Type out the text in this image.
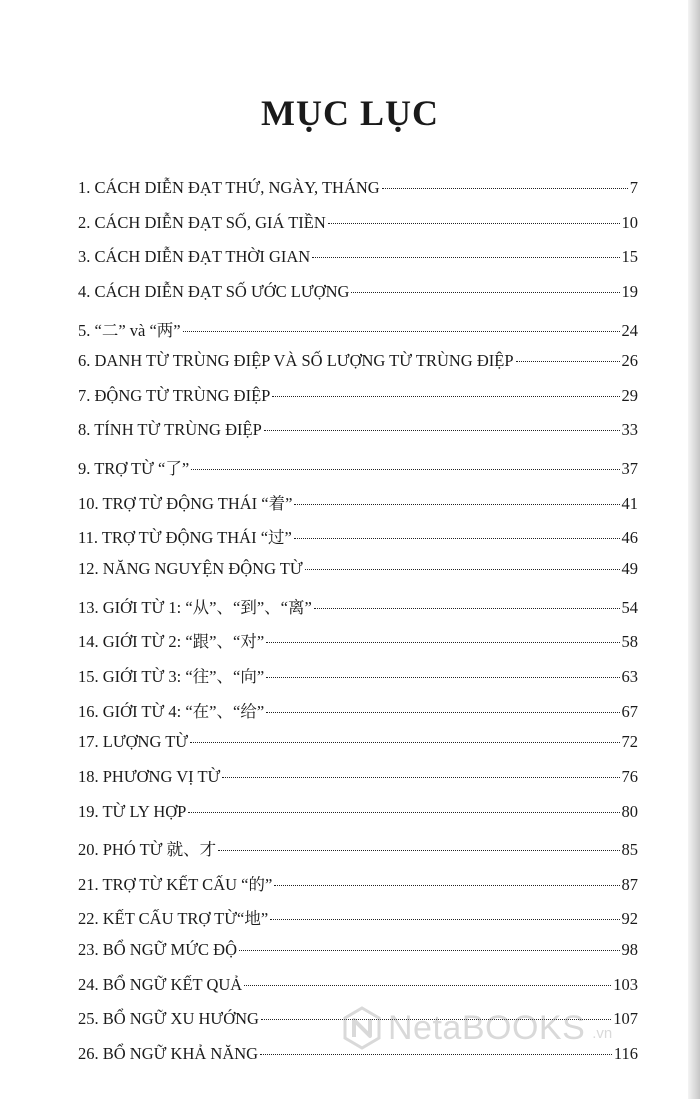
MỤC LỤC
1. CÁCH DIỄN ĐẠT THỨ, NGÀY, THÁNG	7
2. CÁCH DIỄN ĐẠT SỐ, GIÁ TIỀN	10
3. CÁCH DIỄN ĐẠT THỜI GIAN	15
4. CÁCH DIỄN ĐẠT SỐ ƯỚC LƯỢNG	19
5. “二” và “两”	24
6. DANH TỪ TRÙNG ĐIỆP VÀ SỐ LƯỢNG TỪ TRÙNG ĐIỆP	26
7. ĐỘNG TỪ TRÙNG ĐIỆP	29
8. TÍNH TỪ TRÙNG ĐIỆP	33
9. TRỢ TỪ “了”	37
10. TRỢ TỪ ĐỘNG THÁI “着”	41
11. TRỢ TỪ ĐỘNG THÁI “过”	46
12. NĂNG NGUYỆN ĐỘNG TỪ	49
13. GIỚI TỪ 1: “从”、“到”、“离”	54
14. GIỚI TỪ 2: “跟”、“对”	58
15. GIỚI TỪ 3: “往”、“向”	63
16. GIỚI TỪ 4: “在”、“给”	67
17. LƯỢNG TỪ	72
18. PHƯƠNG VỊ TỪ	76
19. TỪ LY HỢP	80
20. PHÓ TỪ 就、才	85
21. TRỢ TỪ KẾT CẤU “的”	87
22. KẾT CẤU TRỢ TỪ“地”	92
23. BỔ NGỮ MỨC ĐỘ	98
24. BỔ NGỮ KẾT QUẢ	103
25. BỔ NGỮ XU HƯỚNG	107
26. BỔ NGỮ KHẢ NĂNG	116
NetaBOOKS .vn
